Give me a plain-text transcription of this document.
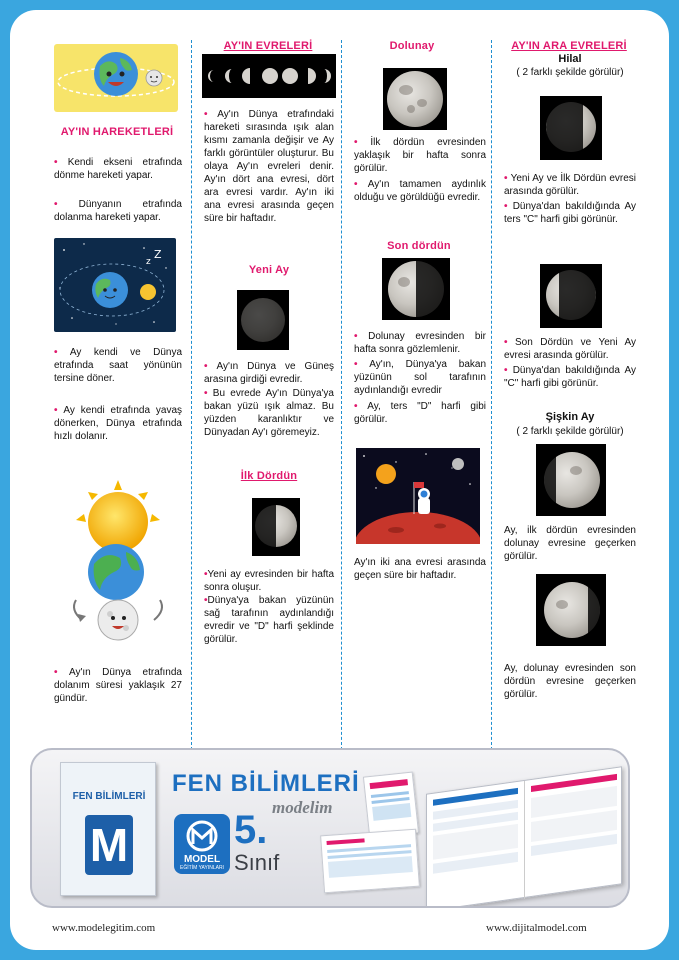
AY'IN HAREKETLERİ
• Kendi ekseni etrafında dönme hareketi yapar.
• Dünyanın etrafında dolanma hareketi yapar.
z
Z
• Ay kendi ve Dünya etrafında saat yönünün tersine döner.
• Ay kendi etrafında yavaş dönerken, Dünya etrafında hızlı dolanır.
• Ay'ın Dünya etrafında dolanım süresi yaklaşık 27 gündür.
AY'IN EVRELERİ
• Ay'ın Dünya etrafındaki hareketi sırasında ışık alan kısmı zamanla değişir ve Ay farklı görüntüler oluşturur. Bu olaya Ay'ın evreleri denir. Ay'ın dört ana evresi, dört ara evresi vardır. Ay'ın iki ana evresi arasında geçen süre bir haftadır.
Yeni Ay
• Ay'ın Dünya ve Güneş arasına girdiği evredir.
• Bu evrede Ay'ın Dünya'ya bakan yüzü ışık almaz. Bu yüzden karanlıktır ve Dünyadan Ay'ı göremeyiz.
İlk Dördün
•Yeni ay evresinden bir hafta sonra oluşur.
•Dünya'ya bakan yüzünün sağ tarafının aydınlandığı evredir ve "D" harfi şeklinde görülür.
Dolunay
• İlk dördün evresinden yaklaşık bir hafta sonra görülür.
• Ay'ın tamamen aydınlık olduğu ve görüldüğü evredir.
Son dördün
• Dolunay evresinden bir hafta sonra gözlemlenir.
• Ay'ın, Dünya'ya bakan yüzünün sol tarafının aydınlandığı evredir
• Ay, ters "D" harfi gibi görülür.
Ay'ın iki ana evresi arasında geçen süre bir haftadır.
AY'IN ARA EVRELERİ
Hilal
( 2 farklı şekilde görülür)
• Yeni Ay ve İlk Dördün evresi arasında görülür.
• Dünya'dan bakıldığında Ay ters "C" harfi gibi görünür.
• Son Dördün ve Yeni Ay evresi arasında görülür.
• Dünya'dan bakıldığında Ay "C" harfi gibi görünür.
Şişkin Ay
( 2 farklı şekilde görülür)
Ay, ilk dördün evresinden dolunay evresine geçerken görülür.
Ay, dolunay evresinden son dördün evresine geçerken görülür.
FEN BİLİMLERİ
M
FEN BİLİMLERİ
modelim
MODEL
EĞİTİM YAYINLARI
5.
Sınıf
www.modelegitim.com	www.dijitalmodel.com
